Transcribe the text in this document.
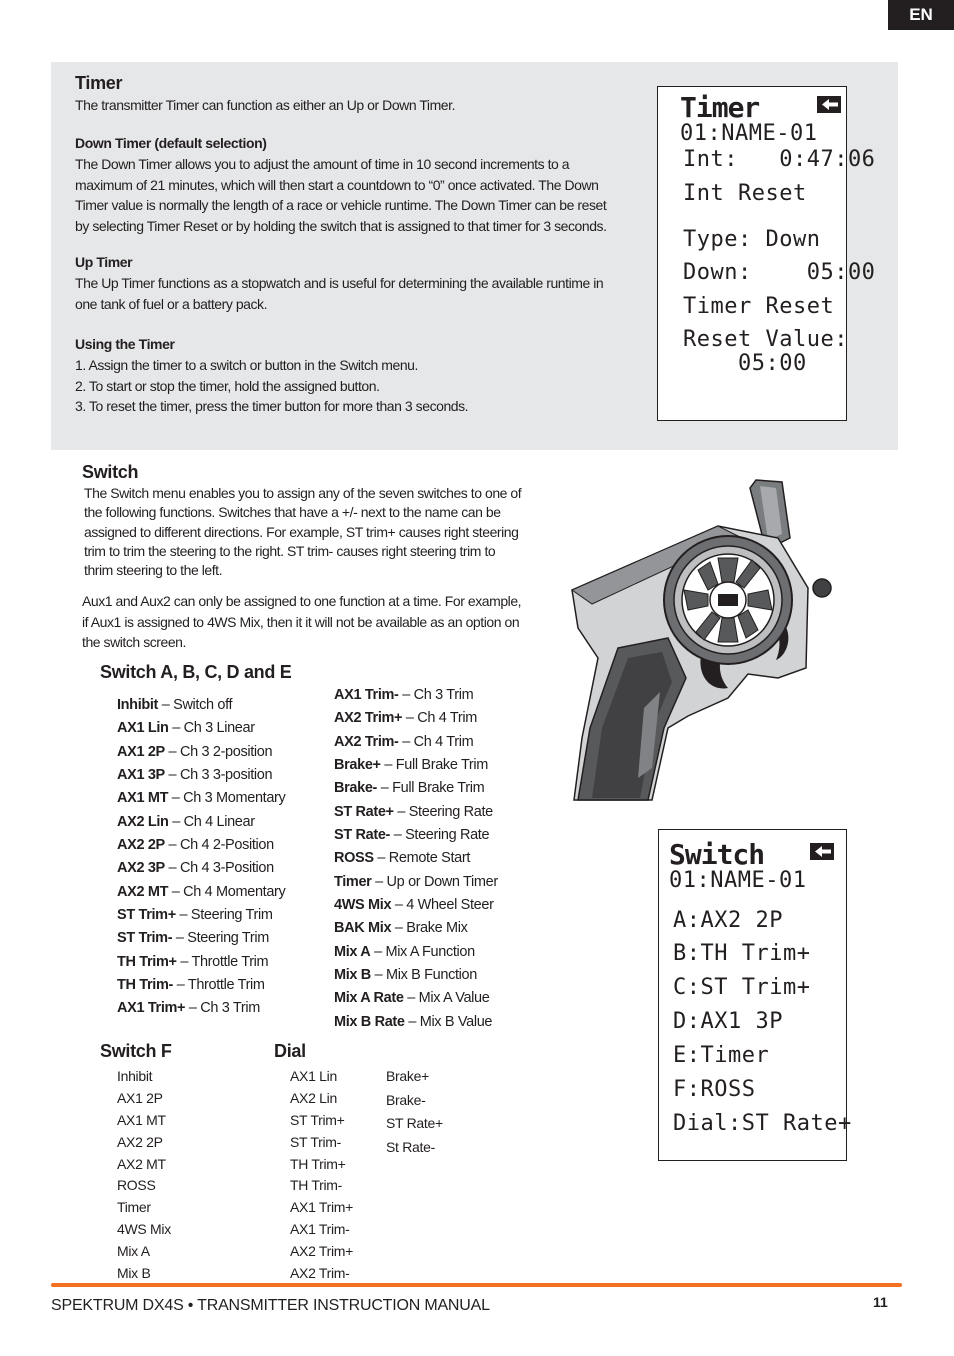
EN
Timer
The transmitter Timer can function as either an Up or Down Timer.
Down Timer (default selection)
The Down Timer allows you to adjust the amount of time in 10 second increments to a
maximum of 21 minutes, which will then start a countdown to “0” once activated. The Down
Timer value is normally the length of a race or vehicle runtime. The Down Timer can be reset
by selecting Timer Reset or by holding the switch that is assigned to that timer for 3 seconds.
Up Timer
The Up Timer functions as a stopwatch and is useful for determining the available runtime in
one tank of fuel or a battery pack.
Using the Timer
1. Assign the timer to a switch or button in the Switch menu.
2. To start or stop the timer, hold the assigned button.
3. To reset the timer, press the timer button for more than 3 seconds.
Timer
01:NAME-01
Int:   0:47:06
Int Reset
Type: Down
Down:    05:00
Timer Reset
Reset Value:
05:00
Switch
The Switch menu enables you to assign any of the seven switches to one of
the following functions. Switches that have a +/- next to the name can be
assigned to different directions. For example, ST trim+ causes right steering
trim to trim the steering to the right. ST trim- causes right steering trim to
thrim steering to the left.
Aux1 and Aux2 can only be assigned to one function at a time. For example,
if Aux1 is assigned to 4WS Mix, then it it will not be available as an option on
the switch screen.
Switch A, B, C, D and E
Inhibit – Switch off
AX1 Lin – Ch 3 Linear
AX1 2P – Ch 3 2-position
AX1 3P – Ch 3 3-position
AX1 MT – Ch 3 Momentary
AX2 Lin – Ch 4 Linear
AX2 2P – Ch 4 2-Position
AX2 3P – Ch 4 3-Position
AX2 MT – Ch 4 Momentary
ST Trim+ – Steering Trim
ST Trim- – Steering Trim
TH Trim+ – Throttle Trim
TH Trim- – Throttle Trim
AX1 Trim+ – Ch 3 Trim
AX1 Trim- – Ch 3 Trim
AX2 Trim+ – Ch 4 Trim
AX2 Trim- – Ch 4 Trim
Brake+ – Full Brake Trim
Brake- – Full Brake Trim
ST Rate+ – Steering Rate
ST Rate- – Steering Rate
ROSS – Remote Start
Timer – Up or Down Timer
4WS Mix – 4 Wheel Steer
BAK Mix – Brake Mix
Mix A – Mix A Function
Mix B – Mix B Function
Mix A Rate – Mix A Value
Mix B Rate – Mix B Value
Switch
01:NAME-01
A:AX2 2P
B:TH Trim+
C:ST Trim+
D:AX1 3P
E:Timer
F:ROSS
Dial:ST Rate+
Switch F	Dial
Inhibit
AX1 2P
AX1 MT
AX2 2P
AX2 MT
ROSS
Timer
4WS Mix
Mix A
Mix B
AX1 Lin
AX2 Lin
ST Trim+
ST Trim-
TH Trim+
TH Trim-
AX1 Trim+
AX1 Trim-
AX2 Trim+
AX2 Trim-
Brake+
Brake-
ST Rate+
St Rate-
SPEKTRUM DX4S • TRANSMITTER INSTRUCTION MANUAL	11
